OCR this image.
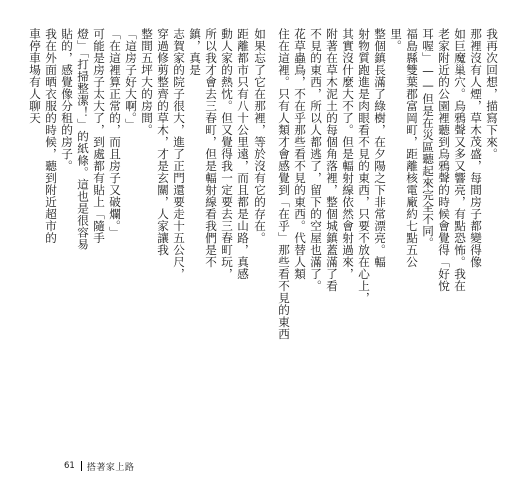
距離都市只有八十公里遠，而且都是山路，真感
動人家的熱忱。但又覺得我一定要去三春町玩，
所以我才會去三春町，但是輻射線看我們是不
鎮，真是
志賀家的院子很大，進了正門還要走十五公尺，
穿過修剪整齊的草木，才是玄關，人家讓我
整間五坪大的房間。
「這房子好大啊。」
「在這裡算正常的，而且房子又破爛。」
可能是房子太大了，到處都有貼上「隨手
燈」「打掃整潔！」的紙條。這也是很容易
貼的，感覺像分租的房子。
我在外面晒衣服的時候，聽到附近超市的
車停車場有人聊天	我再次回想，描寫下來。
那裡沒有人煙，草木茂盛，每間房子都變得像
如巨魔巢穴。烏鴉聲又多又響亮，有點恐怖。我在
老家附近的公園裡聽到烏鴉聲的時候會覺得「好悅
耳喔」——但是在災區聽起來完全不同。
福島縣雙葉郡富岡町，距離核電廠約七點五公
里。
整個鎮長滿了綠樹，在夕陽之下非常漂亮。輻
射物質跑進是肉眼看不見的東西，只要不放在心上，
其實沒什麼大不了。但是輻射線依然會射過來，
附著在草木泥土的每個角落裡，整個城鎮蓋滿了看
不見的東西，所以人都逃了，留下的空屋也滿了。
花草蟲鳥，不在乎那些看不見的東西。代替人類
住在這裡。只有人類才會感覺到「在乎」那些看不見的東西
如果忘了它在那裡，等於沒有它的存在。
61 搭著家上路
